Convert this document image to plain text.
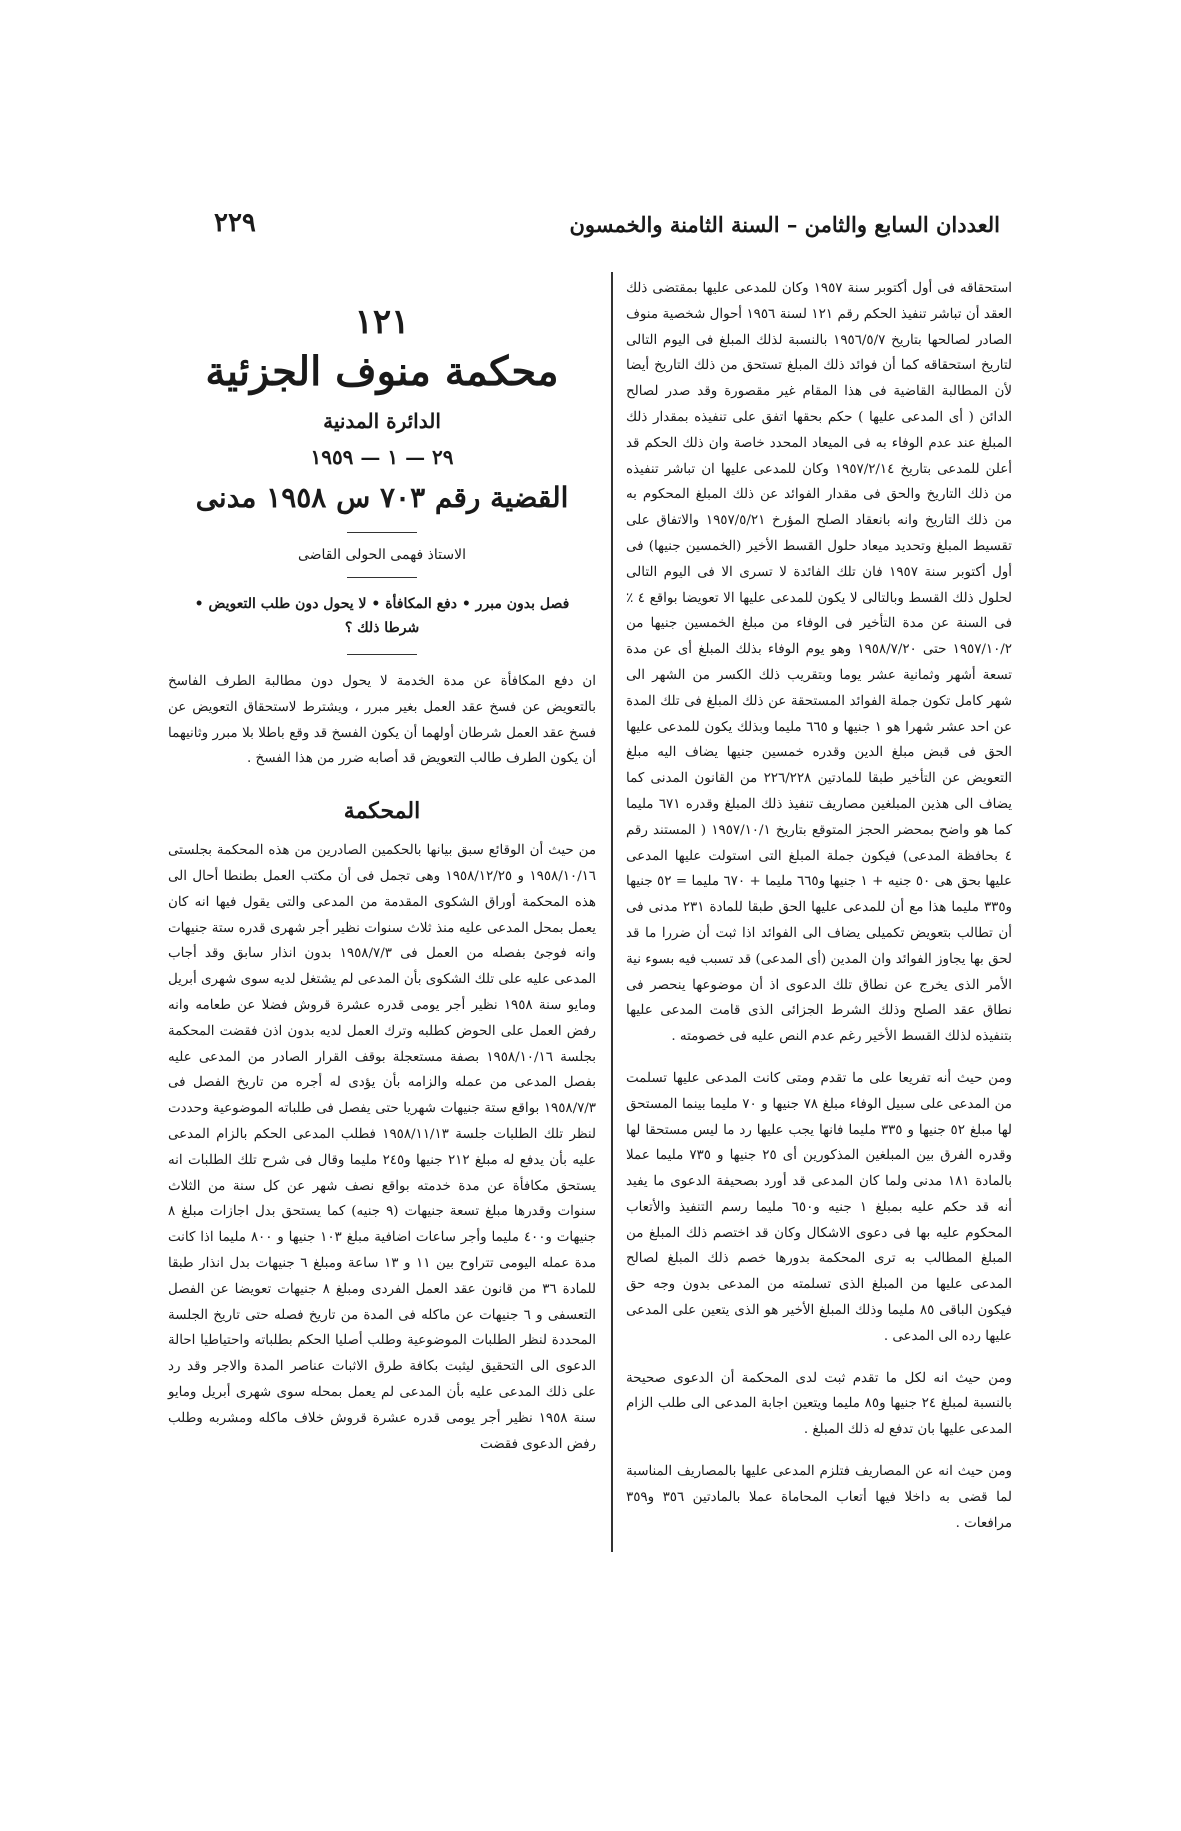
العددان السابع والثامن – السنة الثامنة والخمسون
٢٢٩

استحقاقه فى أول أكتوبر سنة ١٩٥٧ وكان للمدعى عليها بمقتضى ذلك العقد أن تباشر تنفيذ الحكم رقم ١٢١ لسنة ١٩٥٦ أحوال شخصية منوف الصادر لصالحها بتاريخ ١٩٥٦/٥/٧ بالنسبة لذلك المبلغ فى اليوم التالى لتاريخ استحقاقه كما أن فوائد ذلك المبلغ تستحق من ذلك التاريخ أيضا لأن المطالبة القاضية فى هذا المقام غير مقصورة وقد صدر لصالح الدائن ( أى المدعى عليها ) حكم بحقها اتفق على تنفيذه بمقدار ذلك المبلغ عند عدم الوفاء به فى الميعاد المحدد خاصة وان ذلك الحكم قد أعلن للمدعى بتاريخ ١٩٥٧/٢/١٤ وكان للمدعى عليها ان تباشر تنفيذه من ذلك التاريخ والحق فى مقدار الفوائد عن ذلك المبلغ المحكوم به من ذلك التاريخ وانه بانعقاد الصلح المؤرخ ١٩٥٧/٥/٢١ والاتفاق على تقسيط المبلغ وتحديد ميعاد حلول القسط الأخير (الخمسين جنيها) فى أول أكتوبر سنة ١٩٥٧ فان تلك الفائدة لا تسرى الا فى اليوم التالى لحلول ذلك القسط وبالتالى لا يكون للمدعى عليها الا تعويضا بواقع ٤ ٪ فى السنة عن مدة التأخير فى الوفاء من مبلغ الخمسين جنيها من ١٩٥٧/١٠/٢ حتى ١٩٥٨/٧/٢٠ وهو يوم الوفاء بذلك المبلغ أى عن مدة تسعة أشهر وثمانية عشر يوما وبتقريب ذلك الكسر من الشهر الى شهر كامل تكون جملة الفوائد المستحقة عن ذلك المبلغ فى تلك المدة عن احد عشر شهرا هو ١ جنيها و ٦٦٥ مليما وبذلك يكون للمدعى عليها الحق فى قبض مبلغ الدين وقدره خمسين جنيها يضاف اليه مبلغ التعويض عن التأخير طبقا للمادتين ٢٢٦/٢٢٨ من القانون المدنى كما يضاف الى هذين المبلغين مصاريف تنفيذ ذلك المبلغ وقدره ٦٧١ مليما كما هو واضح بمحضر الحجز المتوقع بتاريخ ١٩٥٧/١٠/١ ( المستند رقم ٤ بحافظة المدعى) فيكون جملة المبلغ التى استولت عليها المدعى عليها بحق هى ٥٠ جنيه + ١ جنيها و٦٦٥ مليما + ٦٧٠ مليما = ٥٢ جنيها و٣٣٥ مليما هذا مع أن للمدعى عليها الحق طبقا للمادة ٢٣١ مدنى فى أن تطالب بتعويض تكميلى يضاف الى الفوائد اذا ثبت أن ضررا ما قد لحق بها يجاوز الفوائد وان المدين (أى المدعى) قد تسبب فيه بسوء نية الأمر الذى يخرج عن نطاق تلك الدعوى اذ أن موضوعها ينحصر فى نطاق عقد الصلح وذلك الشرط الجزائى الذى قامت المدعى عليها بتنفيذه لذلك القسط الأخير رغم عدم النص عليه فى خصومته .

ومن حيث أنه تفريعا على ما تقدم ومتى كانت المدعى عليها تسلمت من المدعى على سبيل الوفاء مبلغ ٧٨ جنيها و ٧٠ مليما بينما المستحق لها مبلغ ٥٢ جنيها و ٣٣٥ مليما فانها يجب عليها رد ما ليس مستحقا لها وقدره الفرق بين المبلغين المذكورين أى ٢٥ جنيها و ٧٣٥ مليما عملا بالمادة ١٨١ مدنى ولما كان المدعى قد أورد بصحيفة الدعوى ما يفيد أنه قد حكم عليه بمبلغ ١ جنيه و٦٥٠ مليما رسم التنفيذ والأتعاب المحكوم عليه بها فى دعوى الاشكال وكان قد اختصم ذلك المبلغ من المبلغ المطالب به ترى المحكمة بدورها خصم ذلك المبلغ لصالح المدعى عليها من المبلغ الذى تسلمته من المدعى بدون وجه حق فيكون الباقى ٨٥ مليما وذلك المبلغ الأخير هو الذى يتعين على المدعى عليها رده الى المدعى .

ومن حيث انه لكل ما تقدم ثبت لدى المحكمة أن الدعوى صحيحة بالنسبة لمبلغ ٢٤ جنيها و٨٥ مليما ويتعين اجابة المدعى الى طلب الزام المدعى عليها بان تدفع له ذلك المبلغ .

ومن حيث انه عن المصاريف فتلزم المدعى عليها بالمصاريف المناسبة لما قضى به داخلا فيها أتعاب المحاماة عملا بالمادتين ٣٥٦ و٣٥٩ مرافعات .

١٢١
محكمة منوف الجزئية
الدائرة المدنية
٢٩ — ١ — ١٩٥٩
القضية رقم ٧٠٣ س ١٩٥٨ مدنى

الاستاذ فهمى الحولى القاضى

فصل بدون مبرر • دفع المكافأة • لا يحول دون طلب التعويض • شرطا ذلك ؟

ان دفع المكافأة عن مدة الخدمة لا يحول دون مطالبة الطرف الفاسخ بالتعويض عن فسخ عقد العمل بغير مبرر ، ويشترط لاستحقاق التعويض عن فسخ عقد العمل شرطان أولهما أن يكون الفسخ قد وقع باطلا بلا مبرر وثانيهما أن يكون الطرف طالب التعويض قد أصابه ضرر من هذا الفسخ .

المحكمة

من حيث أن الوقائع سبق بيانها بالحكمين الصادرين من هذه المحكمة بجلستى ١٩٥٨/١٠/١٦ و ١٩٥٨/١٢/٢٥ وهى تجمل فى أن مكتب العمل بطنطا أحال الى هذه المحكمة أوراق الشكوى المقدمة من المدعى والتى يقول فيها انه كان يعمل بمحل المدعى عليه منذ ثلاث سنوات نظير أجر شهرى قدره ستة جنيهات وانه فوجئ بفصله من العمل فى ١٩٥٨/٧/٣ بدون انذار سابق وقد أجاب المدعى عليه على تلك الشكوى بأن المدعى لم يشتغل لديه سوى شهرى أبريل ومايو سنة ١٩٥٨ نظير أجر يومى قدره عشرة قروش فضلا عن طعامه وانه رفض العمل على الحوض كطلبه وترك العمل لديه بدون اذن فقضت المحكمة بجلسة ١٩٥٨/١٠/١٦ بصفة مستعجلة بوقف القرار الصادر من المدعى عليه بفصل المدعى من عمله والزامه بأن يؤدى له أجره من تاريخ الفصل فى ١٩٥٨/٧/٣ بواقع ستة جنيهات شهريا حتى يفصل فى طلباته الموضوعية وحددت لنظر تلك الطلبات جلسة ١٩٥٨/١١/١٣ فطلب المدعى الحكم بالزام المدعى عليه بأن يدفع له مبلغ ٢١٢ جنيها و٢٤٥ مليما وقال فى شرح تلك الطلبات انه يستحق مكافأة عن مدة خدمته بواقع نصف شهر عن كل سنة من الثلاث سنوات وقدرها مبلغ تسعة جنيهات (٩ جنيه) كما يستحق بدل اجازات مبلغ ٨ جنيهات و٤٠٠ مليما وأجر ساعات اضافية مبلغ ١٠٣ جنيها و ٨٠٠ مليما اذا كانت مدة عمله اليومى تتراوح بين ١١ و ١٣ ساعة ومبلغ ٦ جنيهات بدل انذار طبقا للمادة ٣٦ من قانون عقد العمل الفردى ومبلغ ٨ جنيهات تعويضا عن الفصل التعسفى و ٦ جنيهات عن ماكله فى المدة من تاريخ فصله حتى تاريخ الجلسة المحددة لنظر الطلبات الموضوعية وطلب أصليا الحكم بطلباته واحتياطيا احالة الدعوى الى التحقيق ليثبت بكافة طرق الاثبات عناصر المدة والاجر وقد رد على ذلك المدعى عليه بأن المدعى لم يعمل بمحله سوى شهرى أبريل ومايو سنة ١٩٥٨ نظير أجر يومى قدره عشرة قروش خلاف ماكله ومشربه وطلب رفض الدعوى فقضت
